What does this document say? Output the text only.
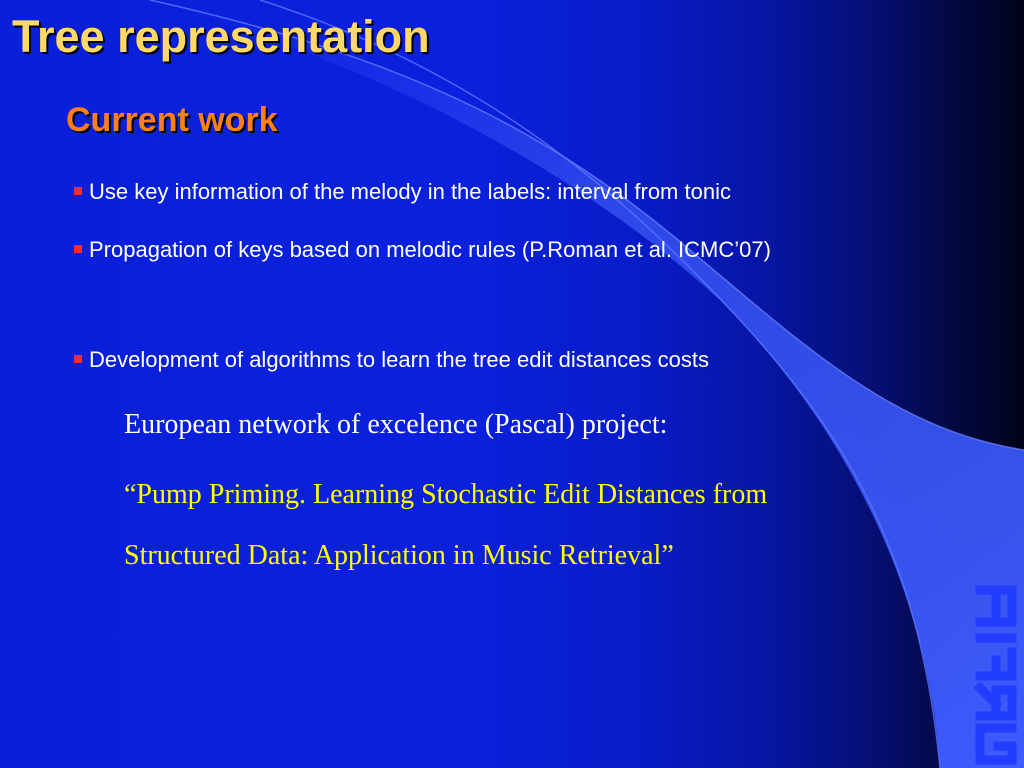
Tree representation
Current work
Use key information of the melody in the labels: interval from tonic
Propagation of keys based on melodic rules (P.Roman et al. ICMC’07)
Development of algorithms to learn the tree edit distances costs
European network of excelence (Pascal) project:
“Pump Priming. Learning Stochastic Edit Distances from
Structured Data: Application in Music Retrieval”
